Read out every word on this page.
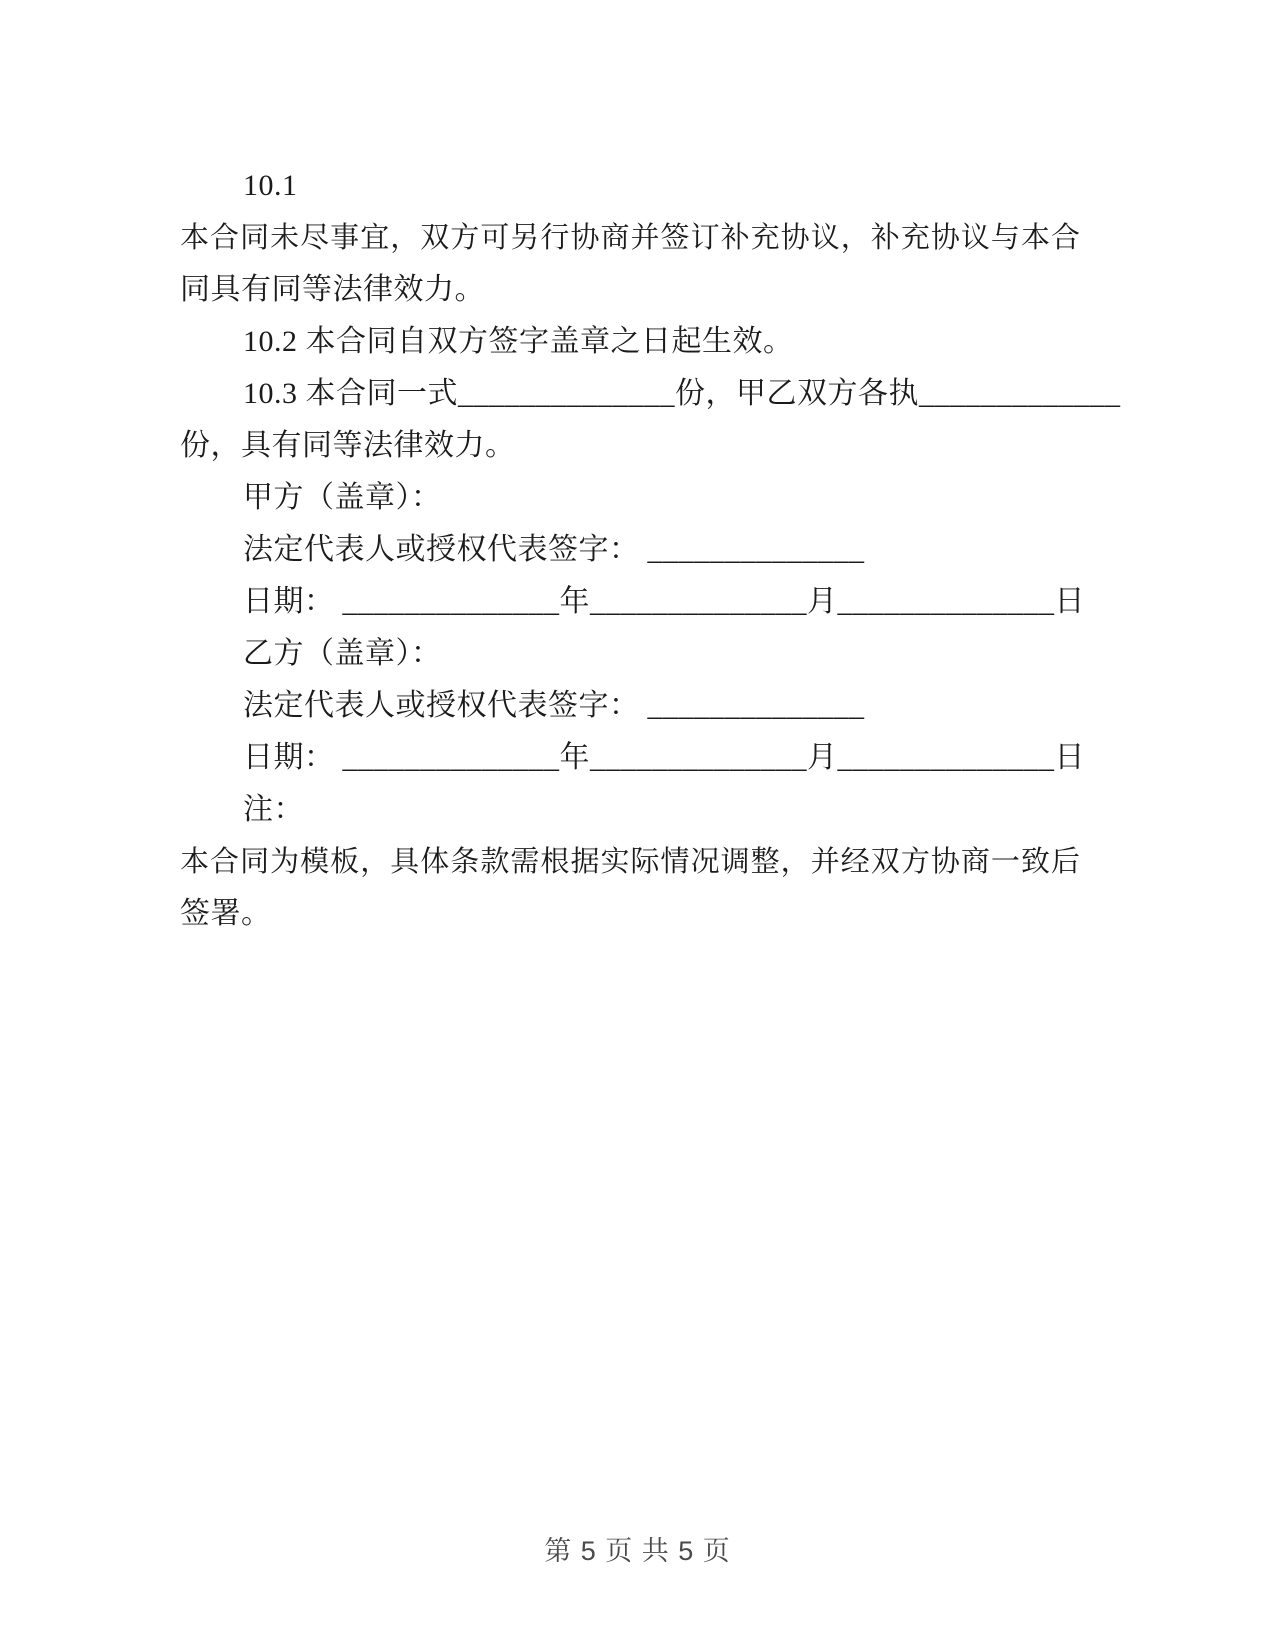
10.1
本合同未尽事宜，双方可另行协商并签订补充协议，补充协议与本合
同具有同等法律效力。
10.2 本合同自双方签字盖章之日起生效。
10.3 本合同一式______________份，甲乙双方各执_____________
份，具有同等法律效力。
甲方（盖章）：
法定代表人或授权代表签字： ______________
日期： ______________年______________月______________日
乙方（盖章）：
法定代表人或授权代表签字： ______________
日期： ______________年______________月______________日
注：
本合同为模板，具体条款需根据实际情况调整，并经双方协商一致后
签署。
第 5 页 共 5 页
